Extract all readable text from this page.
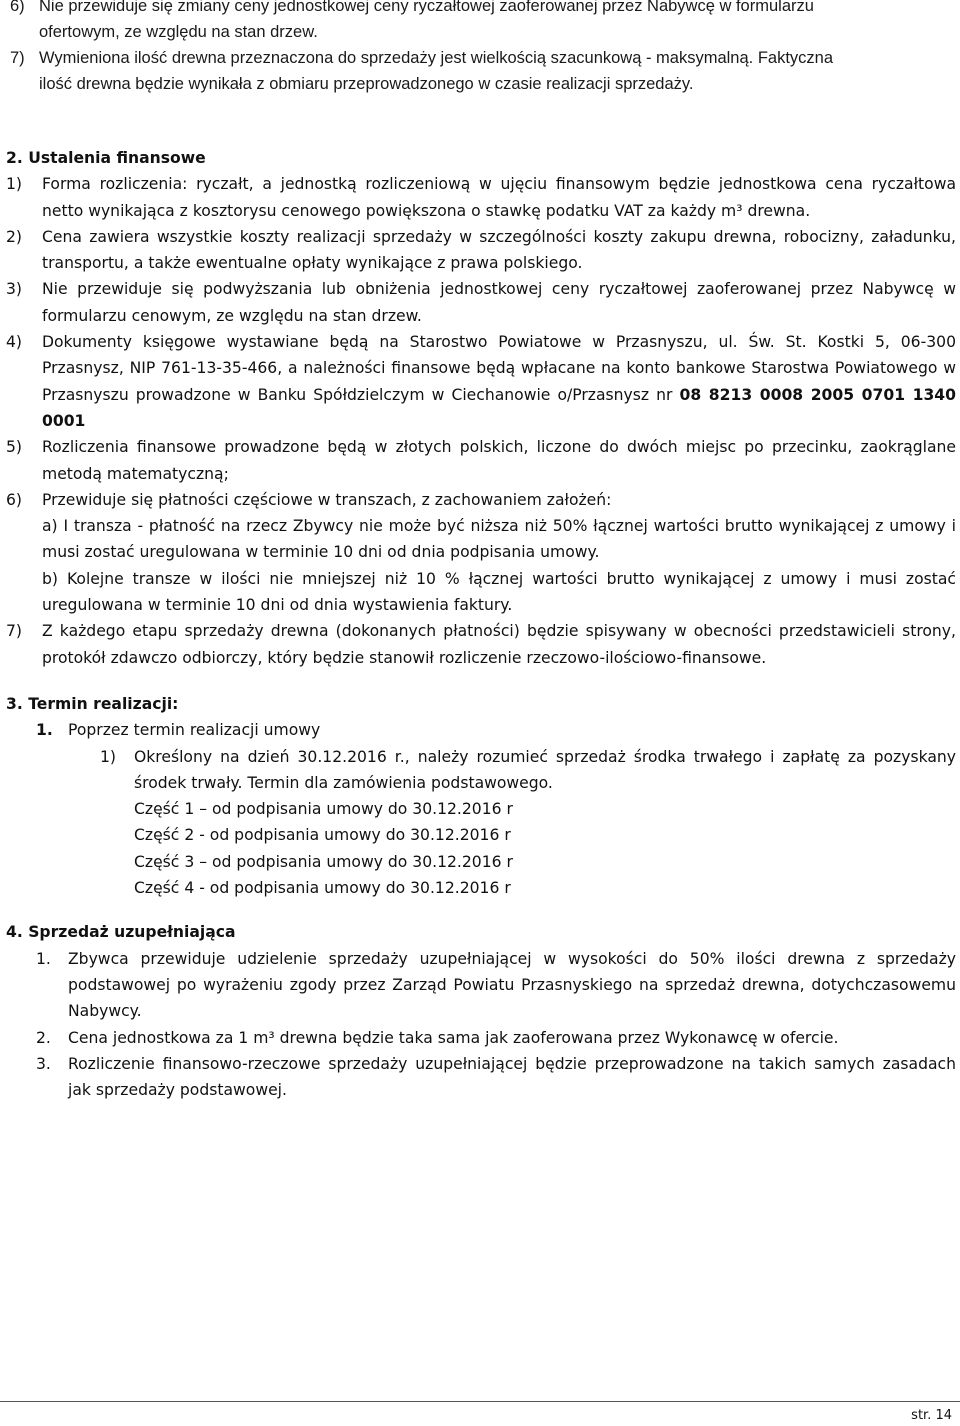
6) Nie przewiduje się zmiany ceny jednostkowej ceny ryczałtowej zaoferowanej przez Nabywcę w formularzu
ofertowym, ze względu na stan drzew.
7) Wymieniona ilość drewna przeznaczona do sprzedaży jest wielkością szacunkową - maksymalną. Faktyczna
ilość drewna będzie wynikała z obmiaru przeprowadzonego w czasie realizacji sprzedaży.
2. Ustalenia finansowe
1) Forma rozliczenia: ryczałt, a jednostką rozliczeniową w ujęciu finansowym będzie jednostkowa cena ryczałtowa netto wynikająca z kosztorysu cenowego powiększona o stawkę podatku VAT za każdy m³ drewna.
2) Cena zawiera wszystkie koszty realizacji sprzedaży w szczególności koszty zakupu drewna, robocizny, załadunku, transportu, a także ewentualne opłaty wynikające z prawa polskiego.
3) Nie przewiduje się podwyższania lub obniżenia jednostkowej ceny ryczałtowej zaoferowanej przez Nabywcę w formularzu cenowym, ze względu na stan drzew.
4) Dokumenty księgowe wystawiane będą na Starostwo Powiatowe w Przasnyszu, ul. Św. St. Kostki 5, 06-300 Przasnysz, NIP 761-13-35-466, a należności finansowe będą wpłacane na konto bankowe Starostwa Powiatowego w Przasnyszu prowadzone w Banku Spółdzielczym w Ciechanowie o/Przasnysz nr 08 8213 0008 2005 0701 1340 0001
5) Rozliczenia finansowe prowadzone będą w złotych polskich, liczone do dwóch miejsc po przecinku, zaokrąglane metodą matematyczną;
6) Przewiduje się płatności częściowe w transzach, z zachowaniem założeń:
a) I transza - płatność na rzecz Zbywcy nie może być niższa niż 50% łącznej wartości brutto wynikającej z umowy i musi zostać uregulowana w terminie 10 dni od dnia podpisania umowy.
b) Kolejne transze w ilości nie mniejszej niż 10 % łącznej wartości brutto wynikającej z umowy i musi zostać uregulowana w terminie 10 dni od dnia wystawienia faktury.
7) Z każdego etapu sprzedaży drewna (dokonanych płatności) będzie spisywany w obecności przedstawicieli strony, protokół zdawczo odbiorczy, który będzie stanowił rozliczenie rzeczowo-ilościowo-finansowe.
3. Termin realizacji:
1. Poprzez termin realizacji umowy
1) Określony na dzień 30.12.2016 r., należy rozumieć sprzedaż środka trwałego i zapłatę za pozyskany środek trwały. Termin dla zamówienia podstawowego.
Część 1 – od podpisania umowy do 30.12.2016 r
Część 2 - od podpisania umowy do 30.12.2016 r
Część 3 – od podpisania umowy do 30.12.2016 r
Część 4 - od podpisania umowy do 30.12.2016 r
4. Sprzedaż uzupełniająca
1. Zbywca przewiduje udzielenie sprzedaży uzupełniającej w wysokości do 50% ilości drewna z sprzedaży podstawowej po wyrażeniu zgody przez Zarząd Powiatu Przasnyskiego na sprzedaż drewna, dotychczasowemu Nabywcy.
2. Cena jednostkowa za 1 m³ drewna będzie taka sama jak zaoferowana przez Wykonawcę w ofercie.
3. Rozliczenie finansowo-rzeczowe sprzedaży uzupełniającej będzie przeprowadzone na takich samych zasadach jak sprzedaży podstawowej.
str. 14
